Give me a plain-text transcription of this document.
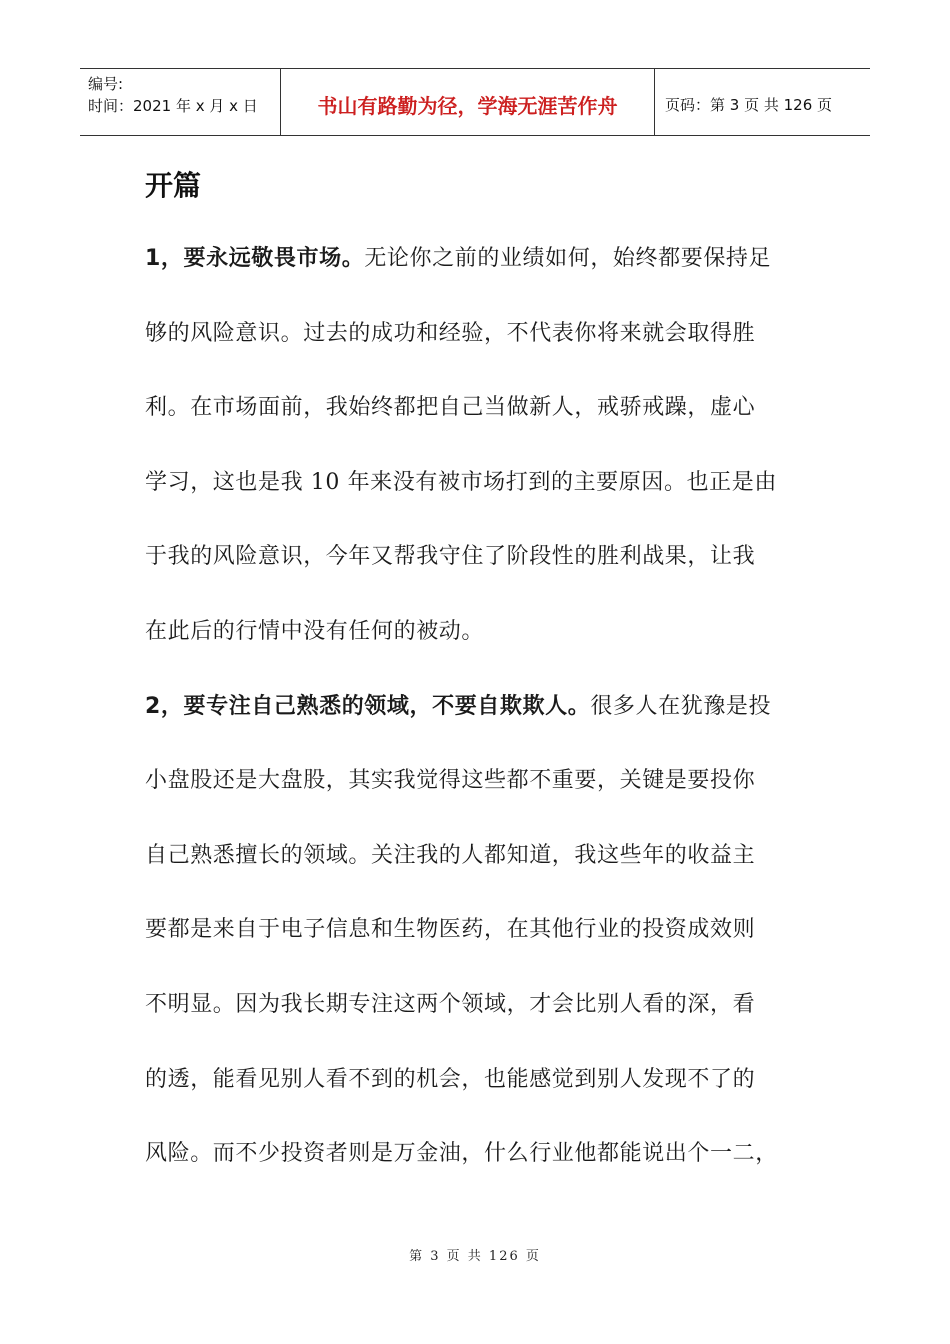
编号:
时间：2021 年 x 月 x 日	书山有路勤为径，学海无涯苦作舟	页码：第 3 页 共 126 页
开篇

1，要永远敬畏市场。无论你之前的业绩如何，始终都要保持足
够的风险意识。过去的成功和经验，不代表你将来就会取得胜
利。在市场面前，我始终都把自己当做新人，戒骄戒躁，虚心
学习，这也是我 10 年来没有被市场打到的主要原因。也正是由
于我的风险意识，今年又帮我守住了阶段性的胜利战果，让我
在此后的行情中没有任何的被动。

2，要专注自己熟悉的领域，不要自欺欺人。很多人在犹豫是投
小盘股还是大盘股，其实我觉得这些都不重要，关键是要投你
自己熟悉擅长的领域。关注我的人都知道，我这些年的收益主
要都是来自于电子信息和生物医药，在其他行业的投资成效则
不明显。因为我长期专注这两个领域，才会比别人看的深，看
的透，能看见别人看不到的机会，也能感觉到别人发现不了的
风险。而不少投资者则是万金油，什么行业他都能说出个一二，

第 3 页 共 126 页
